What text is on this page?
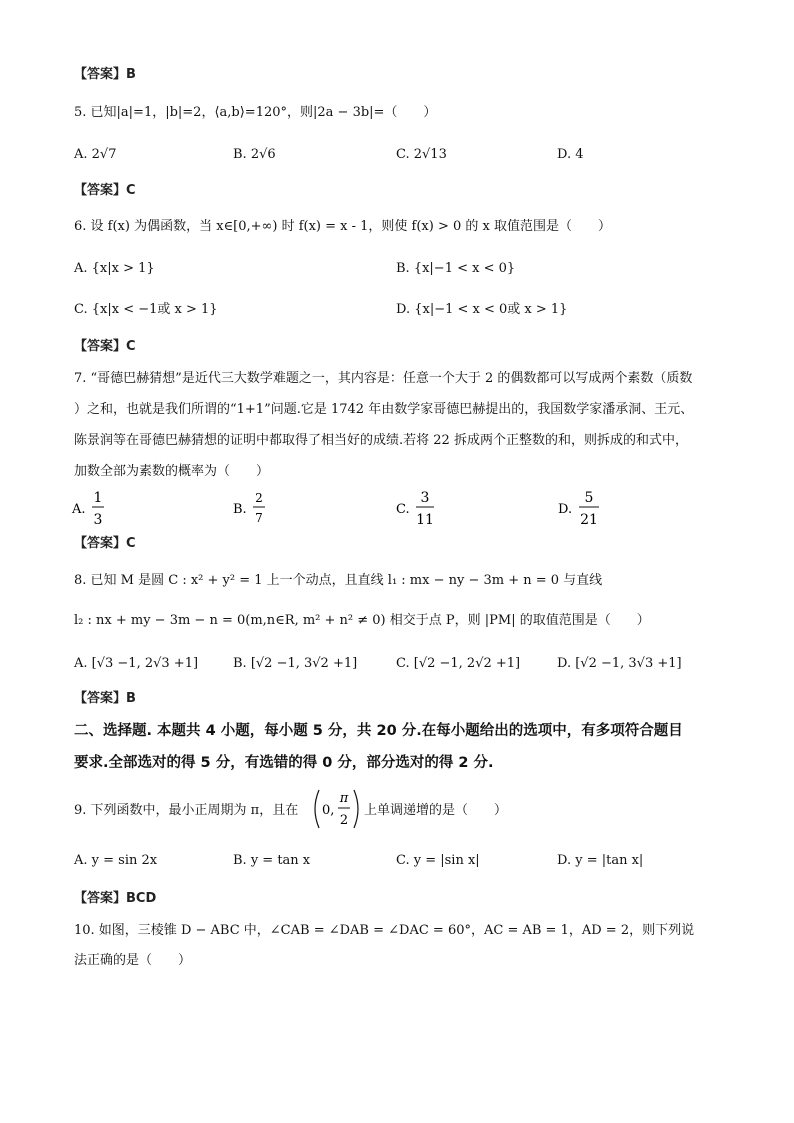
【答案】B
5. 已知|a|=1，|b|=2，⟨a,b⟩=120°，则|2a − 3b|=（　　）
A. 2√7	B. 2√6	C. 2√13	D. 4
【答案】C
6. 设 f(x) 为偶函数，当 x∈[0,+∞) 时 f(x) = x - 1，则使 f(x) > 0 的 x 取值范围是（　　）
A. {x|x > 1}	B. {x|−1 < x < 0}
C. {x|x < −1或 x > 1}	D. {x|−1 < x < 0或 x > 1}
【答案】C
7. “哥德巴赫猜想”是近代三大数学难题之一，其内容是：任意一个大于 2 的偶数都可以写成两个素数（质数
）之和，也就是我们所谓的“1+1”问题.它是 1742 年由数学家哥德巴赫提出的，我国数学家潘承洞、王元、
陈景润等在哥德巴赫猜想的证明中都取得了相当好的成绩.若将 22 拆成两个正整数的和，则拆成的和式中，
加数全部为素数的概率为（　　）
A.
1
3
B.
2
7
C.
3
11
D.
5
21
【答案】C
8. 已知 M 是圆 C : x² + y² = 1 上一个动点，且直线 l₁ : mx − ny − 3m + n = 0 与直线
l₂ : nx + my − 3m − n = 0(m,n∈R, m² + n² ≠ 0) 相交于点 P，则 |PM| 的取值范围是（　　）
A. [√3 −1, 2√3 +1]	B. [√2 −1, 3√2 +1]	C. [√2 −1, 2√2 +1]	D. [√2 −1, 3√3 +1]
【答案】B
二、选择题. 本题共 4 小题，每小题 5 分，共 20 分.在每小题给出的选项中，有多项符合题目
要求.全部选对的得 5 分，有选错的得 0 分，部分选对的得 2 分.
9. 下列函数中，最小正周期为 π，且在 0,
π
2
上单调递增的是（　　）
A. y = sin 2x	B. y = tan x	C. y = |sin x|	D. y = |tan x|
【答案】BCD
10. 如图，三棱锥 D − ABC 中，∠CAB = ∠DAB = ∠DAC = 60°，AC = AB = 1，AD = 2，则下列说
法正确的是（　　）
